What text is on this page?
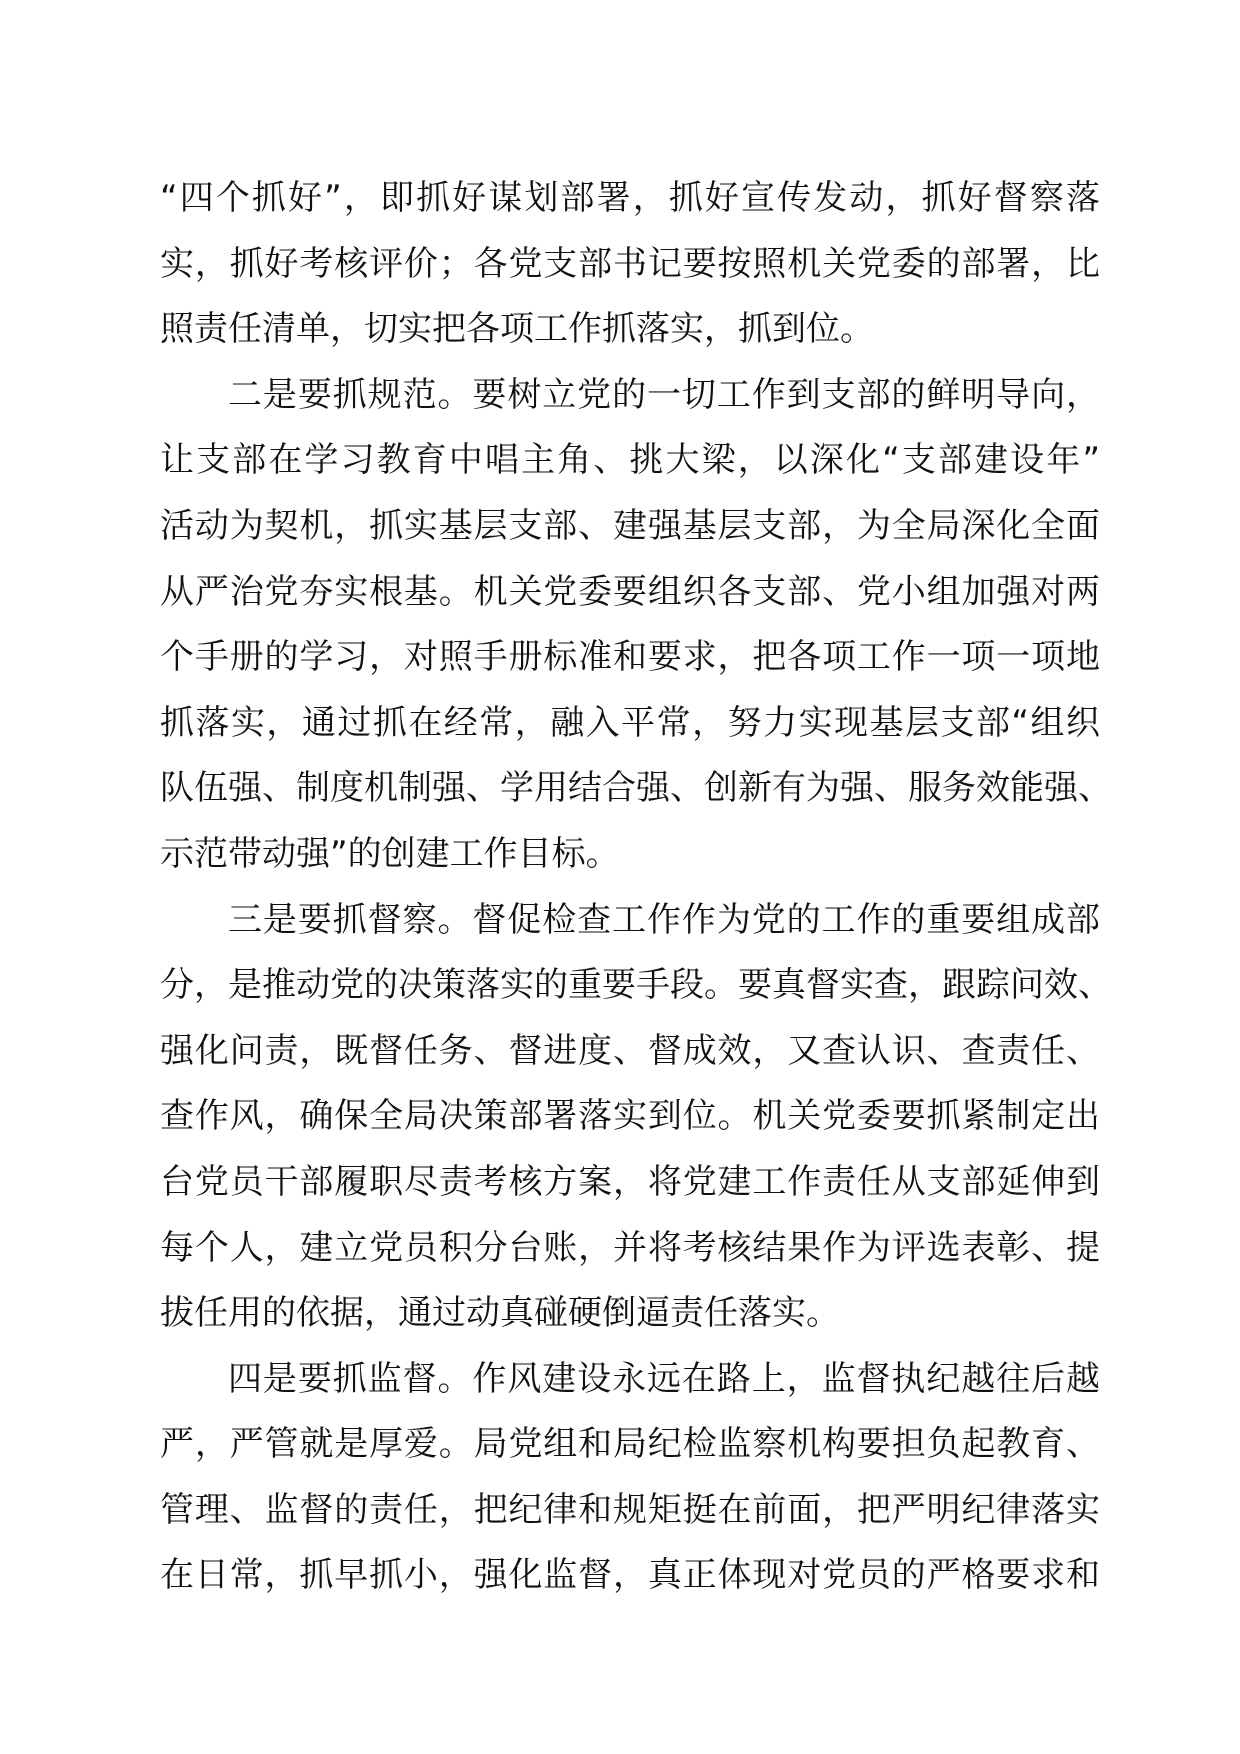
“四个抓好”，即抓好谋划部署，抓好宣传发动，抓好督察落
实，抓好考核评价；各党支部书记要按照机关党委的部署，比
照责任清单，切实把各项工作抓落实，抓到位。
二是要抓规范。要树立党的一切工作到支部的鲜明导向，
让支部在学习教育中唱主角、挑大梁，以深化“支部建设年”
活动为契机，抓实基层支部、建强基层支部，为全局深化全面
从严治党夯实根基。机关党委要组织各支部、党小组加强对两
个手册的学习，对照手册标准和要求，把各项工作一项一项地
抓落实，通过抓在经常，融入平常，努力实现基层支部“组织
队伍强、制度机制强、学用结合强、创新有为强、服务效能强、
示范带动强”的创建工作目标。
三是要抓督察。督促检查工作作为党的工作的重要组成部
分，是推动党的决策落实的重要手段。要真督实查，跟踪问效、
强化问责，既督任务、督进度、督成效，又查认识、查责任、
查作风，确保全局决策部署落实到位。机关党委要抓紧制定出
台党员干部履职尽责考核方案，将党建工作责任从支部延伸到
每个人，建立党员积分台账，并将考核结果作为评选表彰、提
拔任用的依据，通过动真碰硬倒逼责任落实。
四是要抓监督。作风建设永远在路上，监督执纪越往后越
严，严管就是厚爱。局党组和局纪检监察机构要担负起教育、
管理、监督的责任，把纪律和规矩挺在前面，把严明纪律落实
在日常，抓早抓小，强化监督，真正体现对党员的严格要求和
